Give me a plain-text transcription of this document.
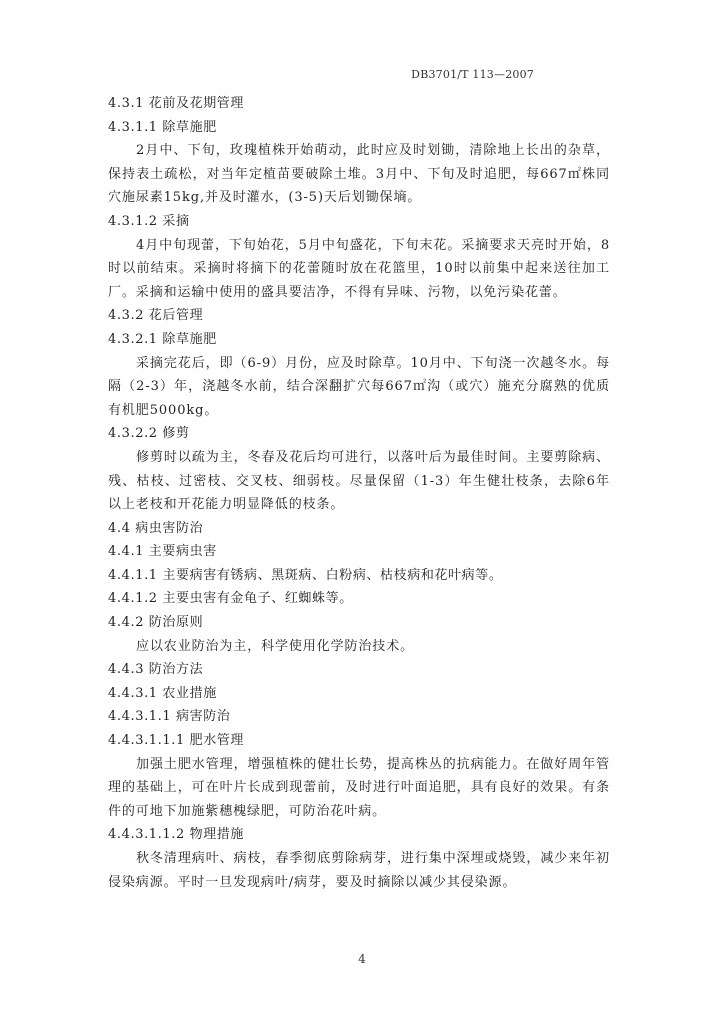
DB3701/T 113—2007
4.3.1 花前及花期管理
4.3.1.1 除草施肥
2月中、下旬，玫瑰植株开始萌动，此时应及时划锄，清除地上长出的杂草，保持表土疏松，对当年定植苗要破除土堆。3月中、下旬及时追肥，每667㎡株同穴施尿素15kg,并及时灌水，(3-5)天后划锄保墒。
4.3.1.2 采摘
4月中旬现蕾，下旬始花，5月中旬盛花，下旬末花。采摘要求天亮时开始，8时以前结束。采摘时将摘下的花蕾随时放在花篮里，10时以前集中起来送往加工厂。采摘和运输中使用的盛具要洁净，不得有异味、污物，以免污染花蕾。
4.3.2 花后管理
4.3.2.1 除草施肥
采摘完花后，即（6-9）月份，应及时除草。10月中、下旬浇一次越冬水。每隔（2-3）年，浇越冬水前，结合深翻扩穴每667㎡沟（或穴）施充分腐熟的优质有机肥5000kg。
4.3.2.2 修剪
修剪时以疏为主，冬春及花后均可进行，以落叶后为最佳时间。主要剪除病、残、枯枝、过密枝、交叉枝、细弱枝。尽量保留（1-3）年生健壮枝条，去除6年以上老枝和开花能力明显降低的枝条。
4.4 病虫害防治
4.4.1 主要病虫害
4.4.1.1 主要病害有锈病、黑斑病、白粉病、枯枝病和花叶病等。
4.4.1.2 主要虫害有金龟子、红蜘蛛等。
4.4.2 防治原则
应以农业防治为主，科学使用化学防治技术。
4.4.3 防治方法
4.4.3.1 农业措施
4.4.3.1.1 病害防治
4.4.3.1.1.1 肥水管理
加强土肥水管理，增强植株的健壮长势，提高株丛的抗病能力。在做好周年管理的基础上，可在叶片长成到现蕾前，及时进行叶面追肥，具有良好的效果。有条件的可地下加施紫穗槐绿肥，可防治花叶病。
4.4.3.1.1.2 物理措施
秋冬清理病叶、病枝，春季彻底剪除病芽，进行集中深埋或烧毁，减少来年初侵染病源。平时一旦发现病叶/病芽，要及时摘除以减少其侵染源。
4
